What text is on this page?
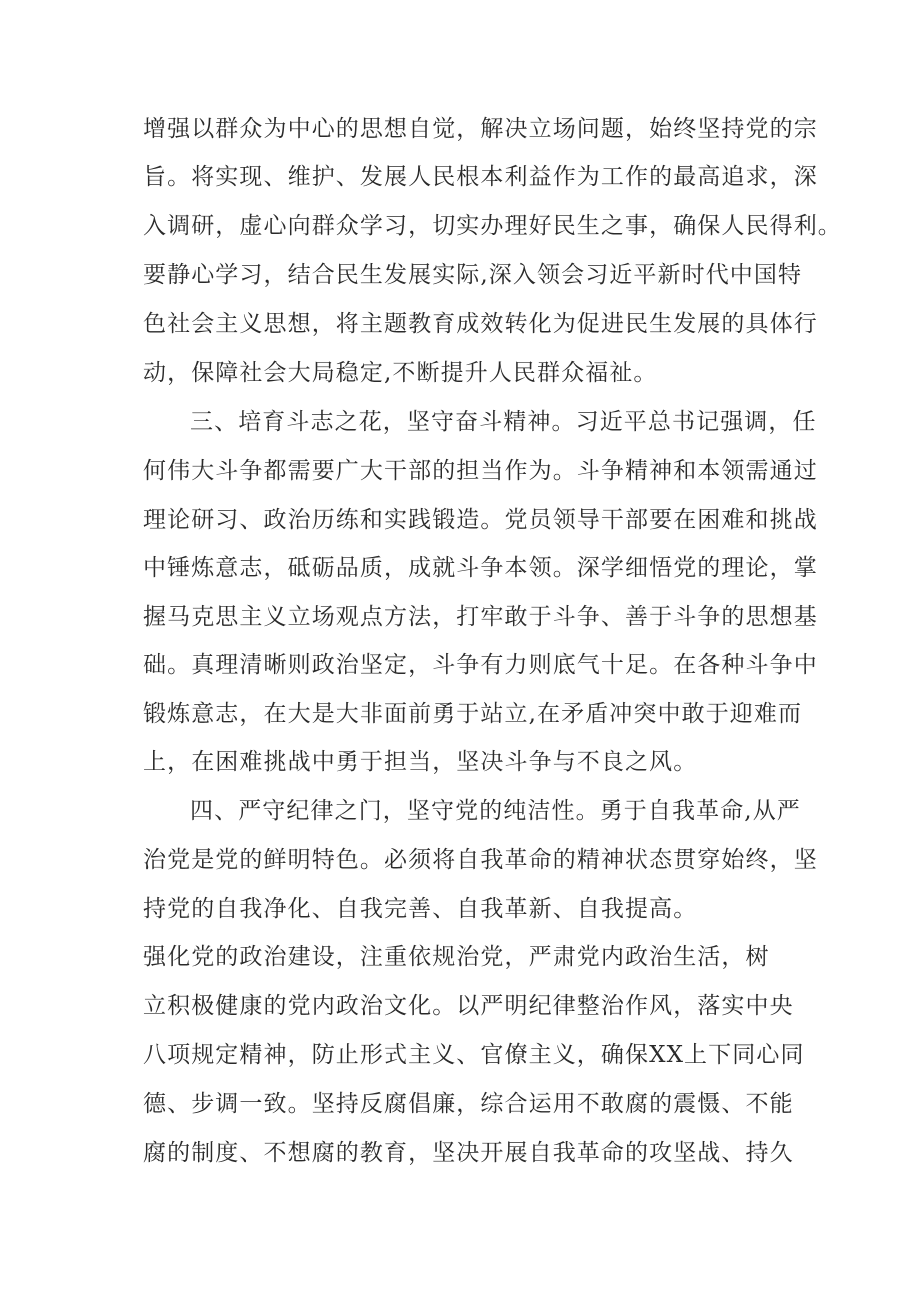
增强以群众为中心的思想自觉，解决立场问题，始终坚持党的宗
旨。将实现、维护、发展人民根本利益作为工作的最高追求，深
入调研，虚心向群众学习，切实办理好民生之事，确保人民得利。
要静心学习，结合民生发展实际,深入领会习近平新时代中国特
色社会主义思想，将主题教育成效转化为促进民生发展的具体行
动，保障社会大局稳定,不断提升人民群众福祉。
三、培育斗志之花，坚守奋斗精神。习近平总书记强调，任
何伟大斗争都需要广大干部的担当作为。斗争精神和本领需通过
理论研习、政治历练和实践锻造。党员领导干部要在困难和挑战
中锤炼意志，砥砺品质，成就斗争本领。深学细悟党的理论，掌
握马克思主义立场观点方法，打牢敢于斗争、善于斗争的思想基
础。真理清晰则政治坚定，斗争有力则底气十足。在各种斗争中
锻炼意志，在大是大非面前勇于站立,在矛盾冲突中敢于迎难而
上，在困难挑战中勇于担当，坚决斗争与不良之风。
四、严守纪律之门，坚守党的纯洁性。勇于自我革命,从严
治党是党的鲜明特色。必须将自我革命的精神状态贯穿始终，坚
持党的自我净化、自我完善、自我革新、自我提高。
强化党的政治建设，注重依规治党，严肃党内政治生活，树
立积极健康的党内政治文化。以严明纪律整治作风，落实中央
八项规定精神，防止形式主义、官僚主义，确保XX上下同心同
德、步调一致。坚持反腐倡廉，综合运用不敢腐的震慑、不能
腐的制度、不想腐的教育，坚决开展自我革命的攻坚战、持久
